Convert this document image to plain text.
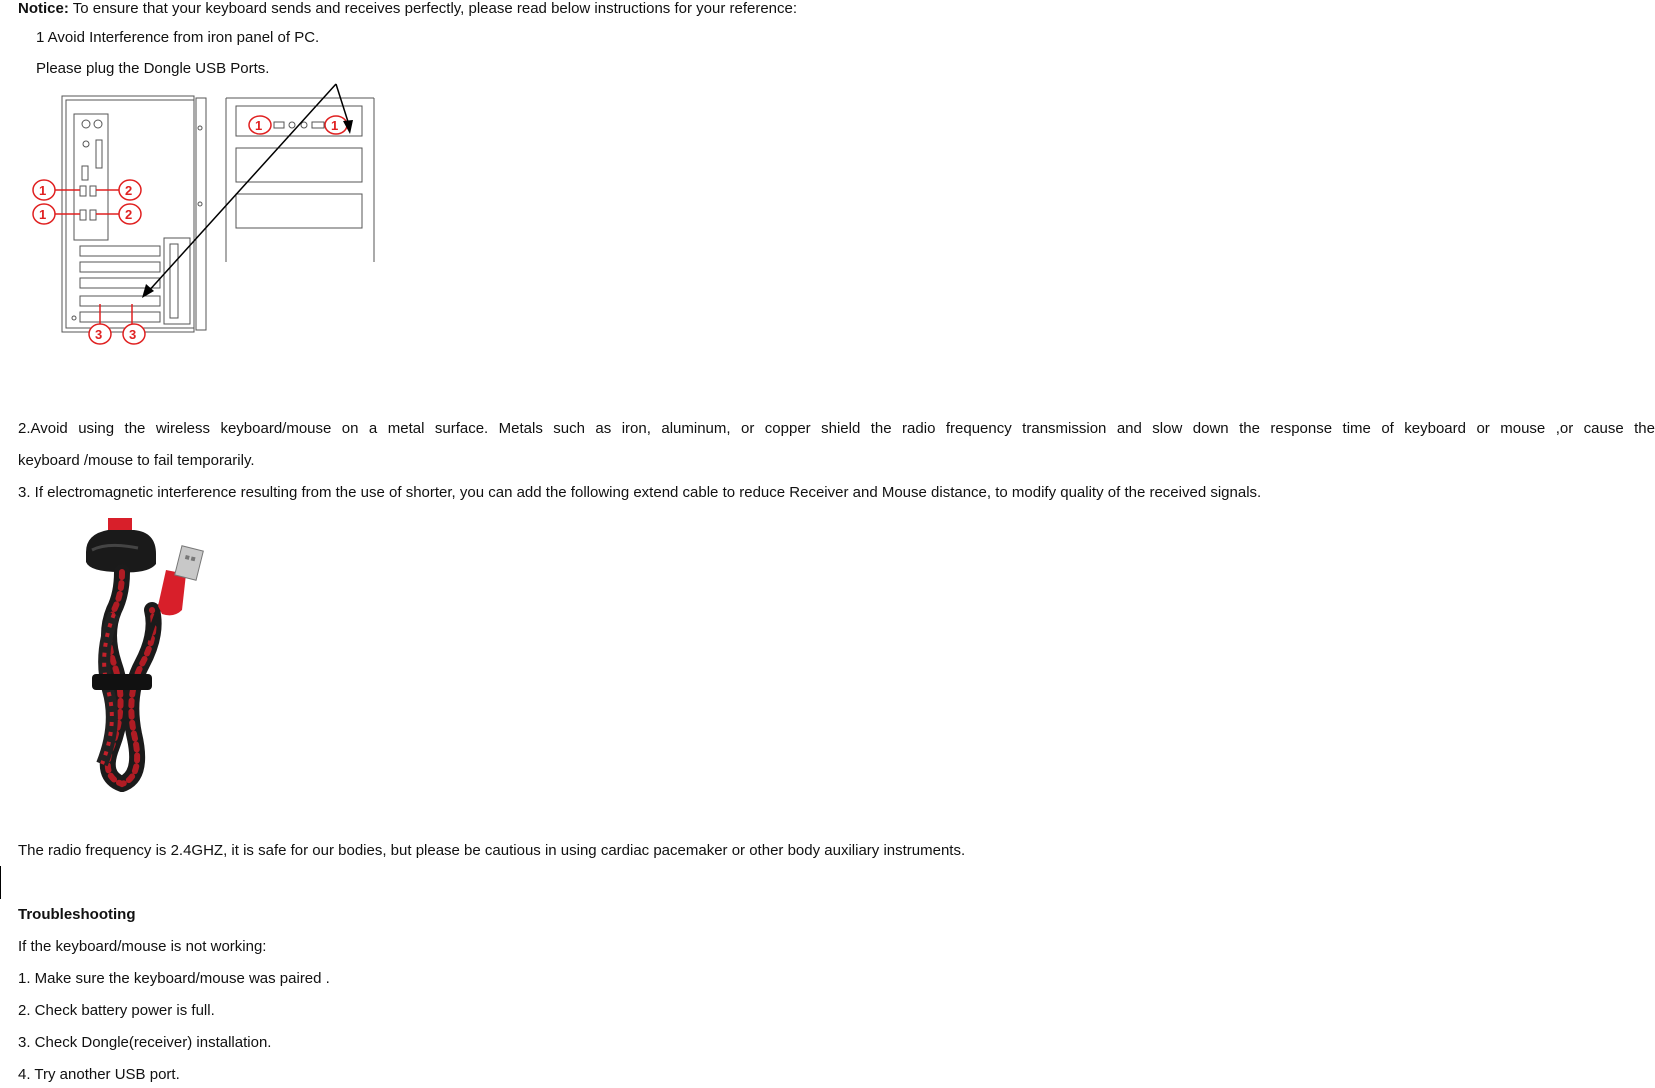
Notice: To ensure that your keyboard sends and receives perfectly, please read below instructions for your reference:
1 Avoid Interference from iron panel of PC.
Please plug the Dongle USB Ports.
1
1
2
2
3 3
1	1
2.Avoid using the wireless keyboard/mouse on a metal surface. Metals such as iron, aluminum, or copper shield the radio frequency transmission and slow down the response time of keyboard or mouse ,or cause the
keyboard /mouse to fail temporarily.
3. If electromagnetic interference resulting from the use of shorter, you can add the following extend cable to reduce Receiver and Mouse distance, to modify quality of the received signals.
The radio frequency is 2.4GHZ, it is safe for our bodies, but please be cautious in using cardiac pacemaker or other body auxiliary instruments.
Troubleshooting
If the keyboard/mouse is not working:
1. Make sure the keyboard/mouse was paired .
2. Check battery power is full.
3. Check Dongle(receiver) installation.
4. Try another USB port.
